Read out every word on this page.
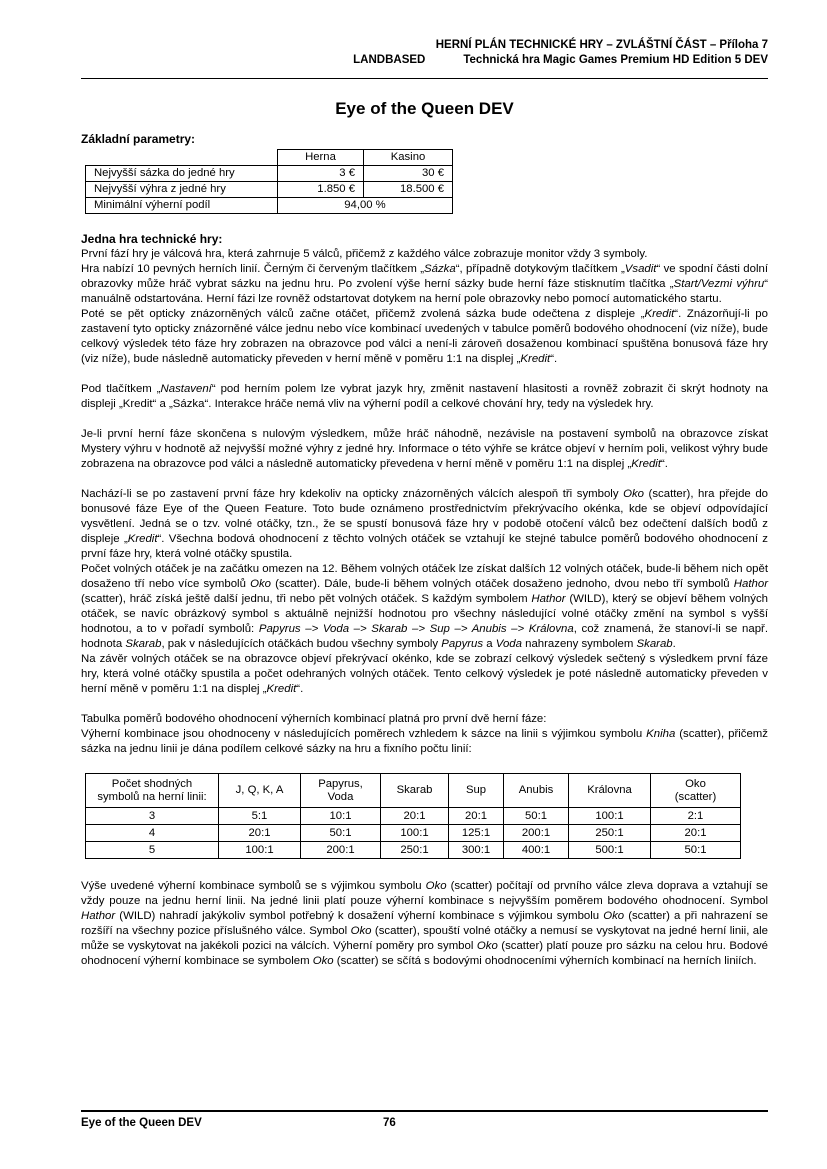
HERNÍ PLÁN TECHNICKÉ HRY – ZVLÁŠTNÍ ČÁST – Příloha 7
LANDBASED	Technická hra Magic Games Premium HD Edition 5 DEV
Eye of the Queen DEV
Základní parametry:
	Herna	Kasino
Nejvyšší sázka do jedné hry	3 €	30 €
Nejvyšší výhra z jedné hry	1.850 €	18.500 €
Minimální výherní podíl	94,00 %	
Jedna hra technické hry:

První fází hry je válcová hra, která zahrnuje 5 válců, přičemž z každého válce zobrazuje monitor vždy 3 symboly.

Hra nabízí 10 pevných herních linií. Černým či červeným tlačítkem „Sázka“, případně dotykovým tlačítkem „Vsadit“ ve spodní části dolní obrazovky může hráč vybrat sázku na jednu hru. Po zvolení výše herní sázky bude herní fáze stisknutím tlačítka „Start/Vezmi výhru“ manuálně odstartována. Herní fázi lze rovněž odstartovat dotykem na herní pole obrazovky nebo pomocí automatického startu.

Poté se pět opticky znázorněných válců začne otáčet, přičemž zvolená sázka bude odečtena z displeje „Kredit“. Znázorňují-li po zastavení tyto opticky znázorněné válce jednu nebo více kombinací uvedených v tabulce poměrů bodového ohodnocení (viz níže), bude celkový výsledek této fáze hry zobrazen na obrazovce pod válci a není-li zároveň dosaženou kombinací spuštěna bonusová fáze hry (viz níže), bude následně automaticky převeden v herní měně v poměru 1:1 na displej „Kredit“.

Pod tlačítkem „Nastavení“ pod herním polem lze vybrat jazyk hry, změnit nastavení hlasitosti a rovněž zobrazit či skrýt hodnoty na displeji „Kredit“ a „Sázka“. Interakce hráče nemá vliv na výherní podíl a celkové chování hry, tedy na výsledek hry.

Je-li první herní fáze skončena s nulovým výsledkem, může hráč náhodně, nezávisle na postavení symbolů na obrazovce získat Mystery výhru v hodnotě až nejvyšší možné výhry z jedné hry. Informace o této výhře se krátce objeví v herním poli, velikost výhry bude zobrazena na obrazovce pod válci a následně automaticky převedena v herní měně v poměru 1:1 na displej „Kredit“.

Nachází-li se po zastavení první fáze hry kdekoliv na opticky znázorněných válcích alespoň tři symboly Oko (scatter), hra přejde do bonusové fáze Eye of the Queen Feature. Toto bude oznámeno prostřednictvím překrývacího okénka, kde se objeví odpovídající vysvětlení. Jedná se o tzv. volné otáčky, tzn., že se spustí bonusová fáze hry v podobě otočení válců bez odečtení dalších bodů z displeje „Kredit“. Všechna bodová ohodnocení z těchto volných otáček se vztahují ke stejné tabulce poměrů bodového ohodnocení z první fáze hry, která volné otáčky spustila.

Počet volných otáček je na začátku omezen na 12. Během volných otáček lze získat dalších 12 volných otáček, bude-li během nich opět dosaženo tří nebo více symbolů Oko (scatter). Dále, bude-li během volných otáček dosaženo jednoho, dvou nebo tří symbolů Hathor (scatter), hráč získá ještě další jednu, tři nebo pět volných otáček. S každým symbolem Hathor (WILD), který se objeví během volných otáček, se navíc obrázkový symbol s aktuálně nejnižší hodnotou pro všechny následující volné otáčky změní na symbol s vyšší hodnotou, a to v pořadí symbolů: Papyrus –> Voda –> Skarab –> Sup –> Anubis –> Královna, což znamená, že stanoví-li se např. hodnota Skarab, pak v následujících otáčkách budou všechny symboly Papyrus a Voda nahrazeny symbolem Skarab.

Na závěr volných otáček se na obrazovce objeví překrývací okénko, kde se zobrazí celkový výsledek sečtený s výsledkem první fáze hry, která volné otáčky spustila a počet odehraných volných otáček. Tento celkový výsledek je poté následně automaticky převeden v herní měně v poměru 1:1 na displej „Kredit“.

Tabulka poměrů bodového ohodnocení výherních kombinací platná pro první dvě herní fáze:

Výherní kombinace jsou ohodnoceny v následujících poměrech vzhledem k sázce na linii s výjimkou symbolu Kniha (scatter), přičemž sázka na jednu linii je dána podílem celkové sázky na hru a fixního počtu linií:

Počet shodných symbolů na herní linii:	J, Q, K, A	Papyrus, Voda	Skarab	Sup	Anubis	Královna	Oko (scatter)
3	5:1	10:1	20:1	20:1	50:1	100:1	2:1
4	20:1	50:1	100:1	125:1	200:1	250:1	20:1
5	100:1	200:1	250:1	300:1	400:1	500:1	50:1

Výše uvedené výherní kombinace symbolů se s výjimkou symbolu Oko (scatter) počítají od prvního válce zleva doprava a vztahují se vždy pouze na jednu herní linii. Na jedné linii platí pouze výherní kombinace s nejvyšším poměrem bodového ohodnocení. Symbol Hathor (WILD) nahradí jakýkoliv symbol potřebný k dosažení výherní kombinace s výjimkou symbolu Oko (scatter) a při nahrazení se rozšíří na všechny pozice příslušného válce. Symbol Oko (scatter), spouští volné otáčky a nemusí se vyskytovat na jedné herní linii, ale může se vyskytovat na jakékoli pozici na válcích. Výherní poměry pro symbol Oko (scatter) platí pouze pro sázku na celou hru. Bodové ohodnocení výherní kombinace se symbolem Oko (scatter) se sčítá s bodovými ohodnoceními výherních kombinací na herních liniích.

Eye of the Queen DEV	76
